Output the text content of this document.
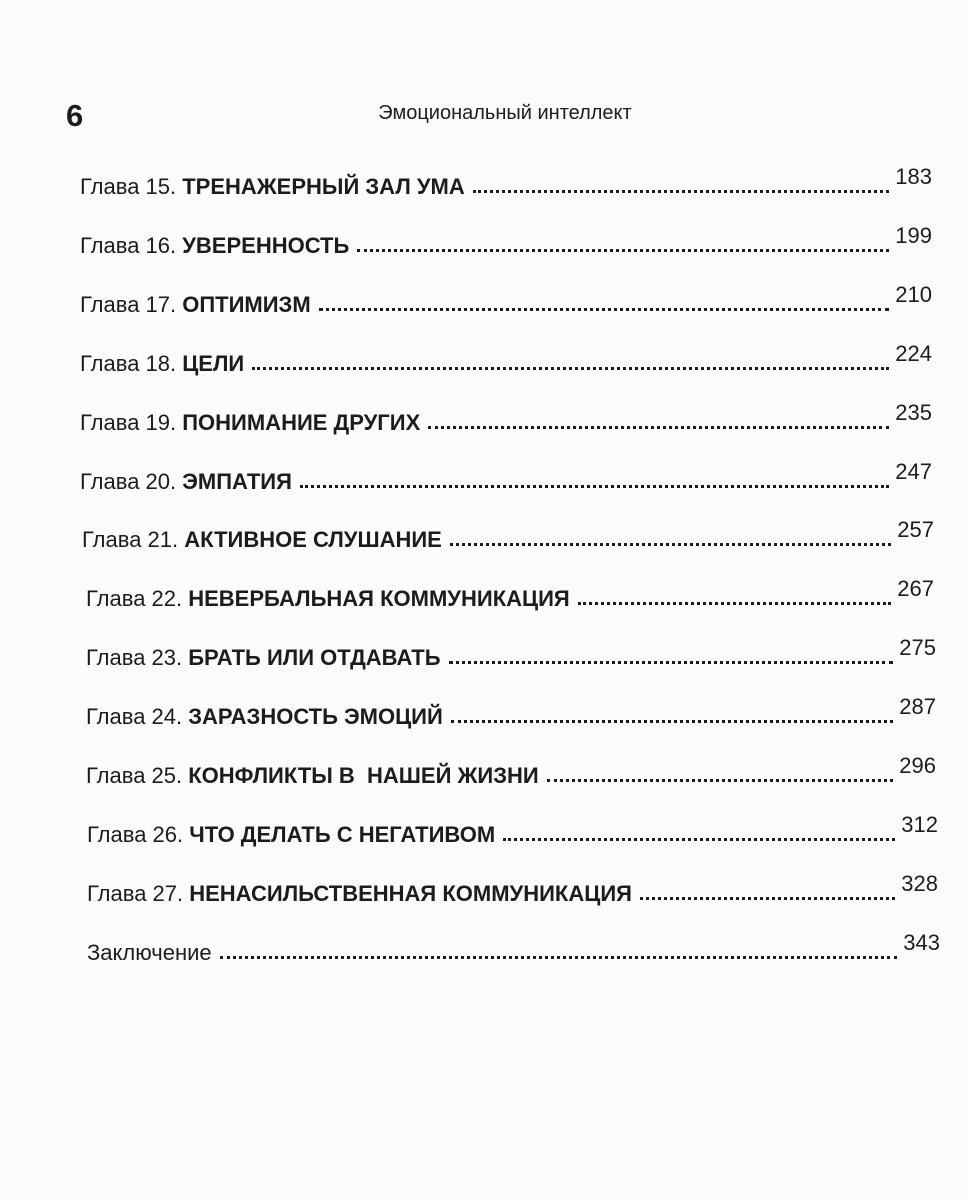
6	Эмоциональный интеллект
Глава 15. ТРЕНАЖЕРНЫЙ ЗАЛ УМА	183
Глава 16. УВЕРЕННОСТЬ	199
Глава 17. ОПТИМИЗМ	210
Глава 18. ЦЕЛИ	224
Глава 19. ПОНИМАНИЕ ДРУГИХ	235
Глава 20. ЭМПАТИЯ	247
Глава 21. АКТИВНОЕ СЛУШАНИЕ	257
Глава 22. НЕВЕРБАЛЬНАЯ КОММУНИКАЦИЯ	267
Глава 23. БРАТЬ ИЛИ ОТДАВАТЬ	275
Глава 24. ЗАРАЗНОСТЬ ЭМОЦИЙ	287
Глава 25. КОНФЛИКТЫ В  НАШЕЙ ЖИЗНИ	296
Глава 26. ЧТО ДЕЛАТЬ С НЕГАТИВОМ	312
Глава 27. НЕНАСИЛЬСТВЕННАЯ КОММУНИКАЦИЯ	328
Заключение	343
